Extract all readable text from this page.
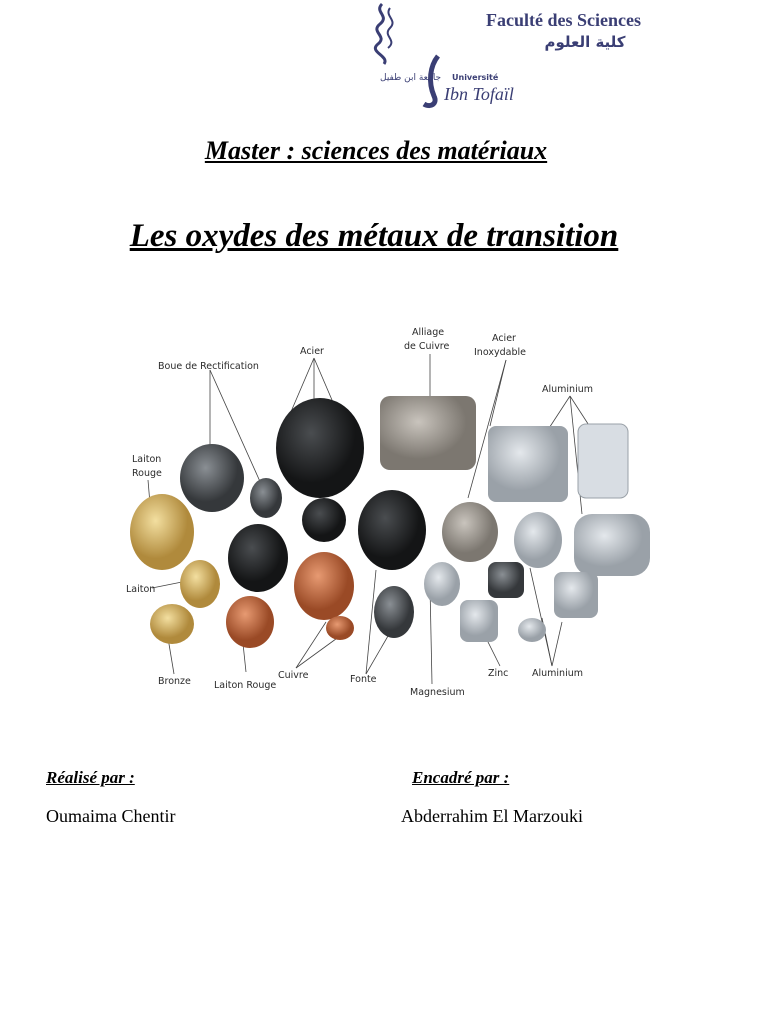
جامعة ابن طفيل Université
Ibn Tofaïl
Faculté des Sciences
كلية العلوم
Master : sciences des matériaux
Les oxydes des métaux de transition
Boue de Rectification
Acier
Alliage
de Cuivre
Acier
Inoxydable
Aluminium
Laiton
Rouge
Laiton
Bronze Laiton Rouge
Cuivre	Fonte
Magnesium
Zinc Aluminium
Réalisé par :
Oumaima Chentir
Encadré par :
Abderrahim El Marzouki
